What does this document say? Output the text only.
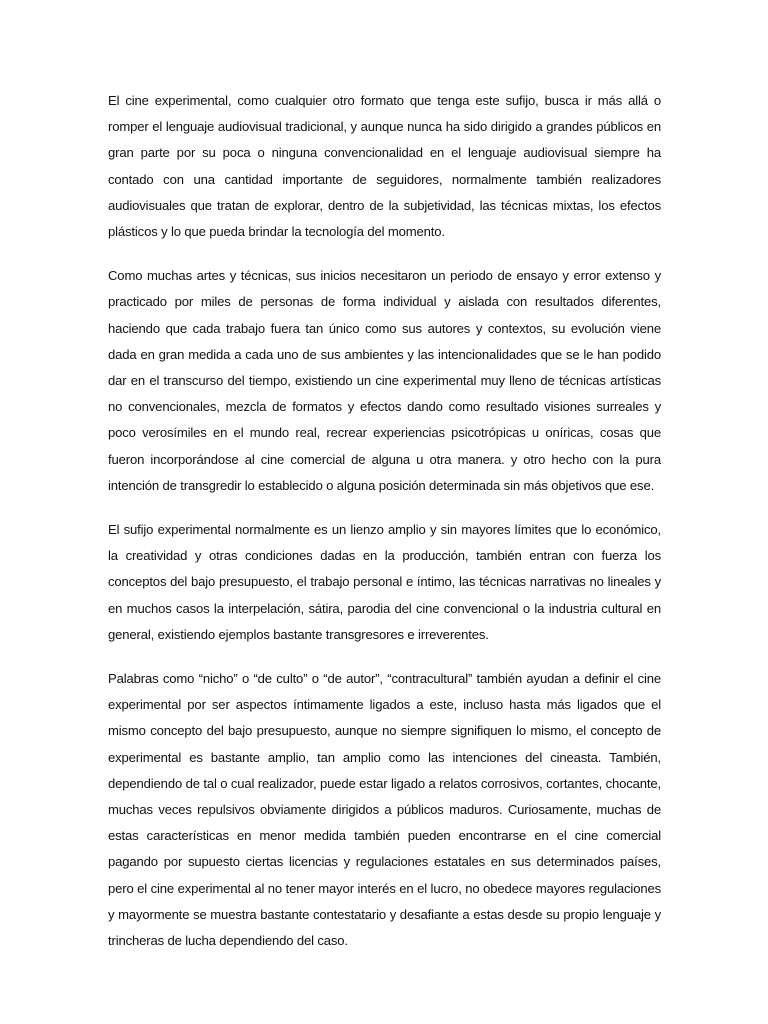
El cine experimental, como cualquier otro formato que tenga este sufijo, busca ir más allá o romper el lenguaje audiovisual tradicional, y aunque nunca ha sido dirigido a grandes públicos en gran parte por su poca o ninguna convencionalidad en el lenguaje audiovisual siempre ha contado con una cantidad importante de seguidores, normalmente también realizadores audiovisuales que tratan de explorar, dentro de la subjetividad, las técnicas mixtas, los efectos plásticos y lo que pueda brindar la tecnología del momento.

Como muchas artes y técnicas, sus inicios necesitaron un periodo de ensayo y error extenso y practicado por miles de personas de forma individual y aislada con resultados diferentes, haciendo que cada trabajo fuera tan único como sus autores y contextos, su evolución viene dada en gran medida a cada uno de sus ambientes y las intencionalidades que se le han podido dar en el transcurso del tiempo, existiendo un cine experimental muy lleno de técnicas artísticas no convencionales, mezcla de formatos y efectos dando como resultado visiones surreales y poco verosímiles en el mundo real, recrear experiencias psicotrópicas u oníricas, cosas que fueron incorporándose al cine comercial de alguna u otra manera. y otro hecho con la pura intención de transgredir lo establecido o alguna posición determinada sin más objetivos que ese.

El sufijo experimental normalmente es un lienzo amplio y sin mayores límites que lo económico, la creatividad y otras condiciones dadas en la producción, también entran con fuerza los conceptos del bajo presupuesto, el trabajo personal e íntimo, las técnicas narrativas no lineales y en muchos casos la interpelación, sátira, parodia del cine convencional o la industria cultural en general, existiendo ejemplos bastante transgresores e irreverentes.

Palabras como “nicho” o “de culto” o “de autor”, “contracultural” también ayudan a definir el cine experimental por ser aspectos íntimamente ligados a este, incluso hasta más ligados que el mismo concepto del bajo presupuesto, aunque no siempre signifiquen lo mismo, el concepto de experimental es bastante amplio, tan amplio como las intenciones del cineasta. También, dependiendo de tal o cual realizador, puede estar ligado a relatos corrosivos, cortantes, chocante, muchas veces repulsivos obviamente dirigidos a públicos maduros. Curiosamente, muchas de estas características en menor medida también pueden encontrarse en el cine comercial pagando por supuesto ciertas licencias y regulaciones estatales en sus determinados países, pero el cine experimental al no tener mayor interés en el lucro, no obedece mayores regulaciones y mayormente se muestra bastante contestatario y desafiante a estas desde su propio lenguaje y trincheras de lucha dependiendo del caso.
